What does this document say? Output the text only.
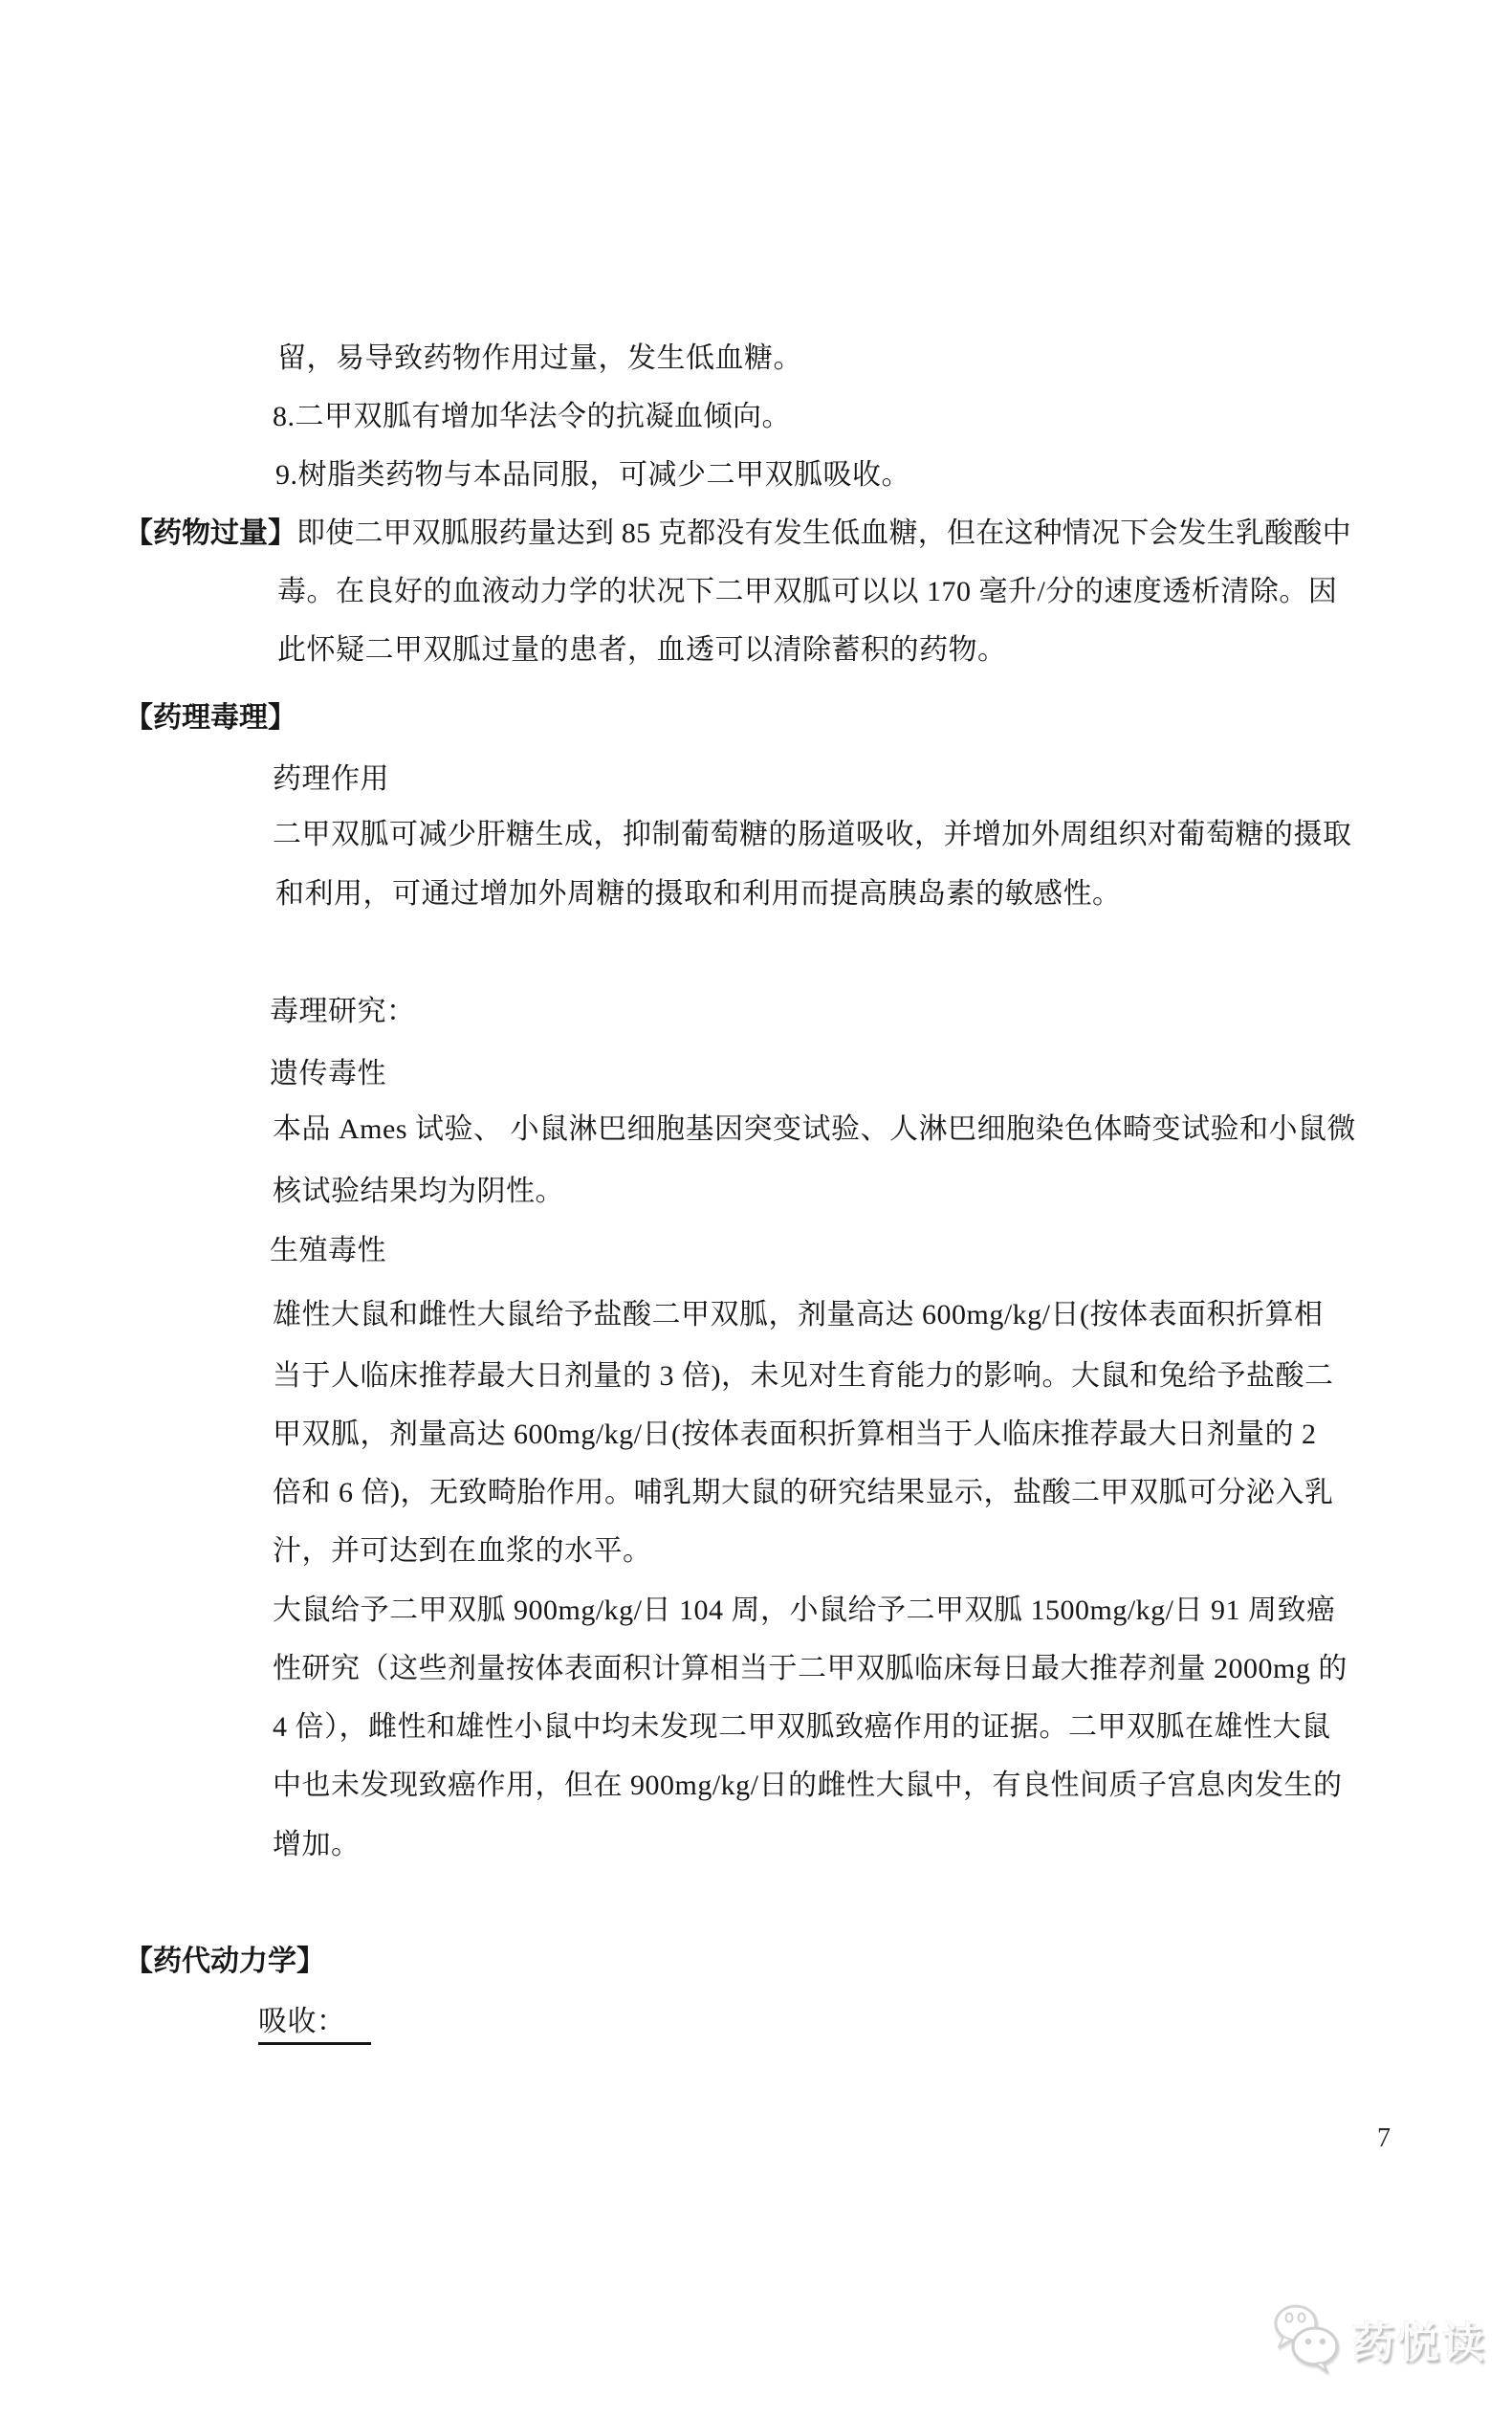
留，易导致药物作用过量，发生低血糖。
8.二甲双胍有增加华法令的抗凝血倾向。
9.树脂类药物与本品同服，可减少二甲双胍吸收。
【药物过量】即使二甲双胍服药量达到 85 克都没有发生低血糖，但在这种情况下会发生乳酸酸中
毒。在良好的血液动力学的状况下二甲双胍可以以 170 毫升/分的速度透析清除。因
此怀疑二甲双胍过量的患者，血透可以清除蓄积的药物。
【药理毒理】
药理作用
二甲双胍可减少肝糖生成，抑制葡萄糖的肠道吸收，并增加外周组织对葡萄糖的摄取
和利用，可通过增加外周糖的摄取和利用而提高胰岛素的敏感性。
毒理研究：
遗传毒性
本品 Ames 试验、 小鼠淋巴细胞基因突变试验、人淋巴细胞染色体畸变试验和小鼠微
核试验结果均为阴性。
生殖毒性
雄性大鼠和雌性大鼠给予盐酸二甲双胍，剂量高达 600mg/kg/日(按体表面积折算相
当于人临床推荐最大日剂量的 3 倍)，未见对生育能力的影响。大鼠和兔给予盐酸二
甲双胍，剂量高达 600mg/kg/日(按体表面积折算相当于人临床推荐最大日剂量的 2
倍和 6 倍)，无致畸胎作用。哺乳期大鼠的研究结果显示，盐酸二甲双胍可分泌入乳
汁，并可达到在血浆的水平。
大鼠给予二甲双胍 900mg/kg/日 104 周，小鼠给予二甲双胍 1500mg/kg/日 91 周致癌
性研究（这些剂量按体表面积计算相当于二甲双胍临床每日最大推荐剂量 2000mg 的
4 倍），雌性和雄性小鼠中均未发现二甲双胍致癌作用的证据。二甲双胍在雄性大鼠
中也未发现致癌作用，但在 900mg/kg/日的雌性大鼠中，有良性间质子宫息肉发生的
增加。
【药代动力学】
吸收：
7
药悦读
